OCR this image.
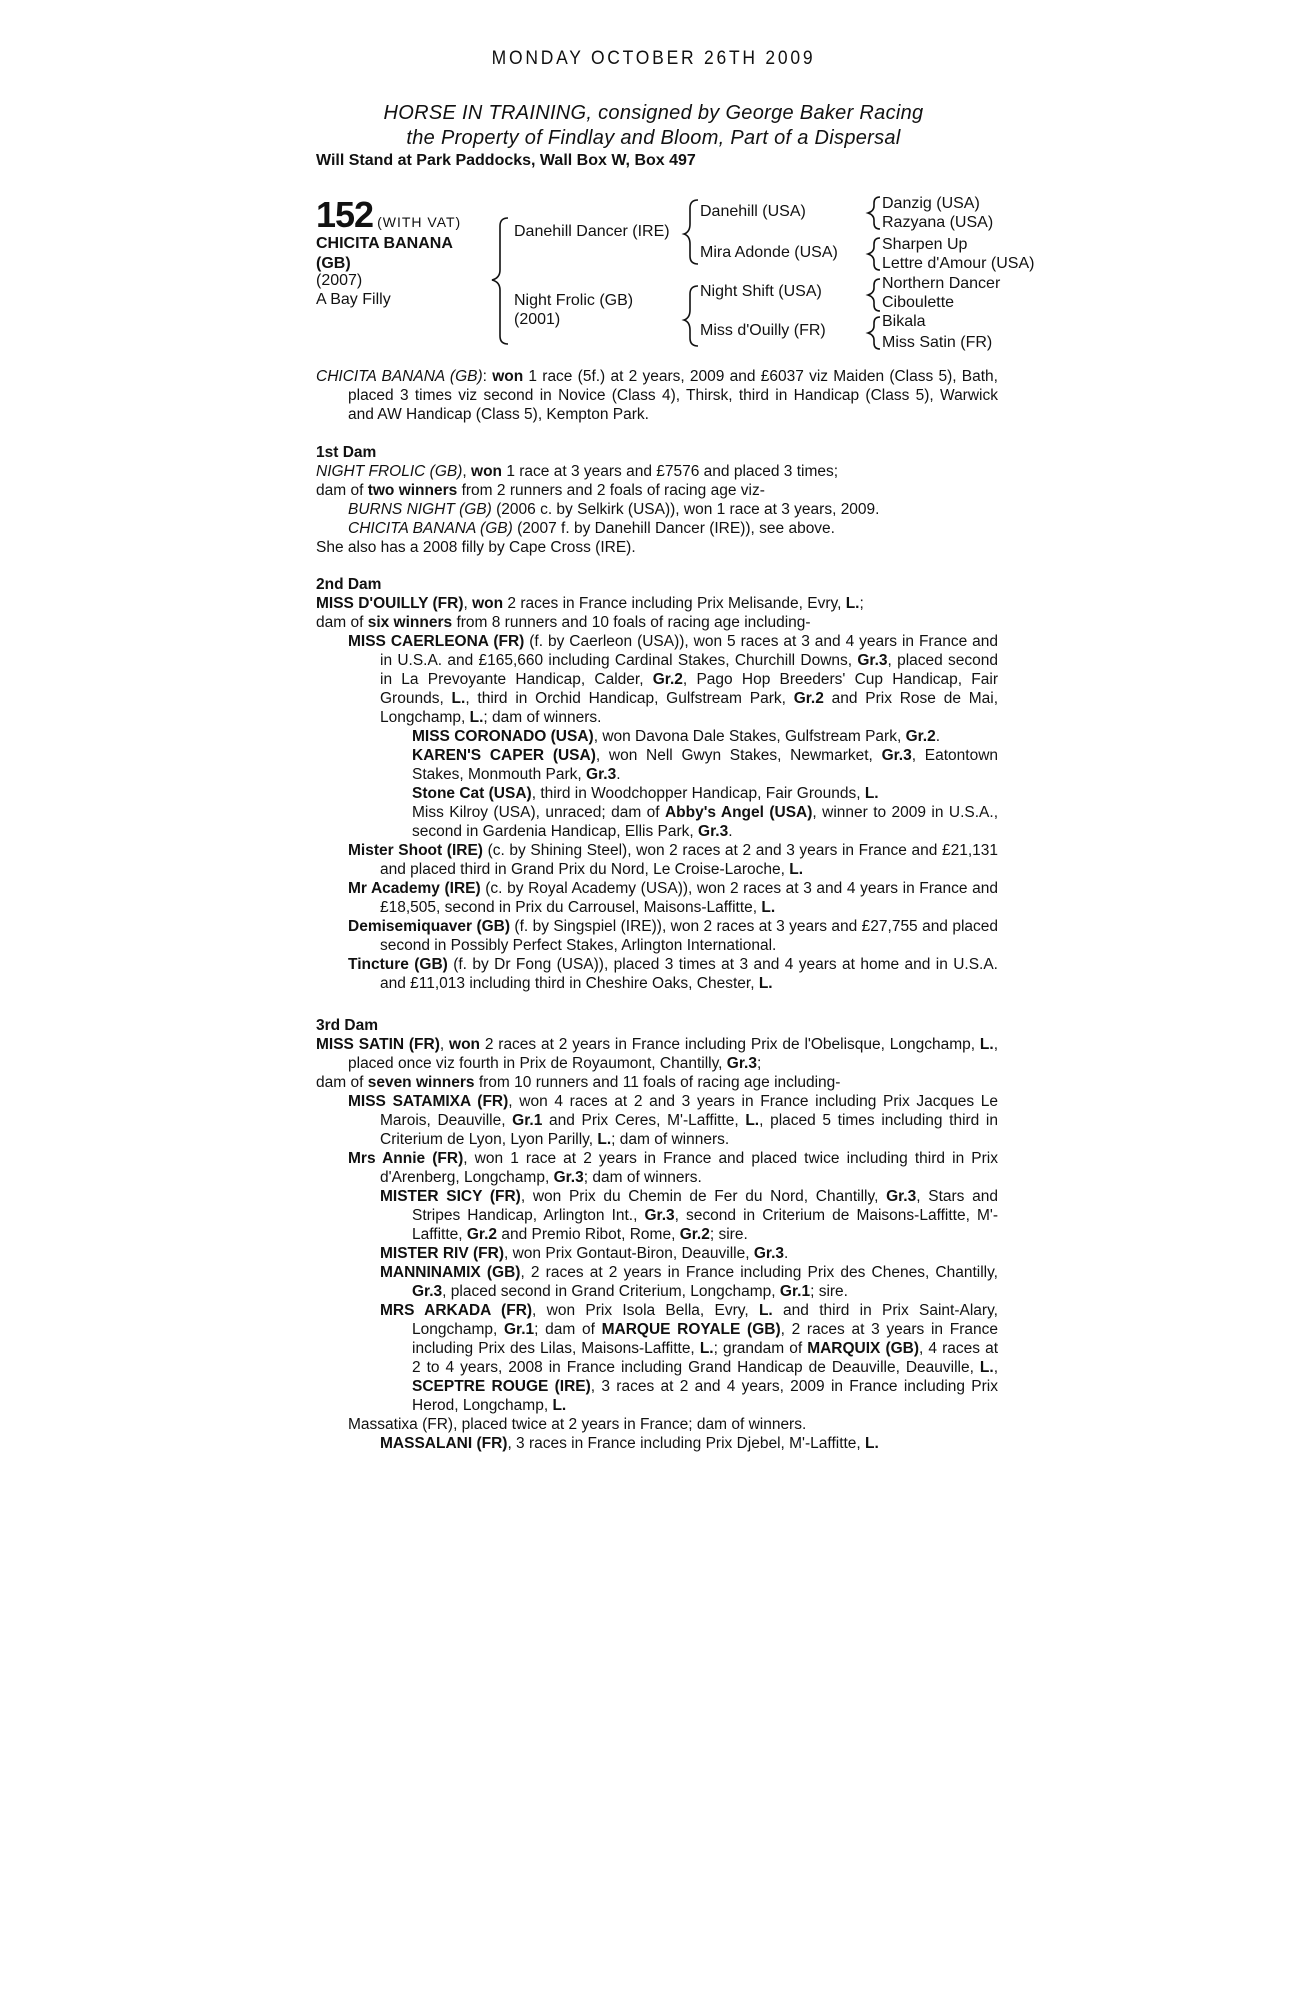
MONDAY OCTOBER 26TH 2009
HORSE IN TRAINING, consigned by George Baker Racing
the Property of Findlay and Bloom, Part of a Dispersal
Will Stand at Park Paddocks, Wall Box W, Box 497
152 (WITH VAT)
CHICITA BANANA
(GB)
(2007)
A Bay Filly
Danehill Dancer (IRE)
Night Frolic (GB)
(2001)
Danehill (USA)
Mira Adonde (USA)
Night Shift (USA)
Miss d'Ouilly (FR)
Danzig (USA)
Razyana (USA)
Sharpen Up
Lettre d'Amour (USA)
Northern Dancer
Ciboulette
Bikala
Miss Satin (FR)

CHICITA BANANA (GB): won 1 race (5f.) at 2 years, 2009 and £6037 viz Maiden (Class 5), Bath, placed 3 times viz second in Novice (Class 4), Thirsk, third in Handicap (Class 5), Warwick and AW Handicap (Class 5), Kempton Park.

1st Dam

NIGHT FROLIC (GB), won 1 race at 3 years and £7576 and placed 3 times;

dam of two winners from 2 runners and 2 foals of racing age viz-

BURNS NIGHT (GB) (2006 c. by Selkirk (USA)), won 1 race at 3 years, 2009.

CHICITA BANANA (GB) (2007 f. by Danehill Dancer (IRE)), see above.

She also has a 2008 filly by Cape Cross (IRE).

2nd Dam

MISS D'OUILLY (FR), won 2 races in France including Prix Melisande, Evry, L.;

dam of six winners from 8 runners and 10 foals of racing age including-

MISS CAERLEONA (FR) (f. by Caerleon (USA)), won 5 races at 3 and 4 years in France and in U.S.A. and £165,660 including Cardinal Stakes, Churchill Downs, Gr.3, placed second in La Prevoyante Handicap, Calder, Gr.2, Pago Hop Breeders' Cup Handicap, Fair Grounds, L., third in Orchid Handicap, Gulfstream Park, Gr.2 and Prix Rose de Mai, Longchamp, L.; dam of winners.

MISS CORONADO (USA), won Davona Dale Stakes, Gulfstream Park, Gr.2.

KAREN'S CAPER (USA), won Nell Gwyn Stakes, Newmarket, Gr.3, Eatontown Stakes, Monmouth Park, Gr.3.

Stone Cat (USA), third in Woodchopper Handicap, Fair Grounds, L.

Miss Kilroy (USA), unraced; dam of Abby's Angel (USA), winner to 2009 in U.S.A., second in Gardenia Handicap, Ellis Park, Gr.3.

Mister Shoot (IRE) (c. by Shining Steel), won 2 races at 2 and 3 years in France and £21,131 and placed third in Grand Prix du Nord, Le Croise-Laroche, L.

Mr Academy (IRE) (c. by Royal Academy (USA)), won 2 races at 3 and 4 years in France and £18,505, second in Prix du Carrousel, Maisons-Laffitte, L.

Demisemiquaver (GB) (f. by Singspiel (IRE)), won 2 races at 3 years and £27,755 and placed second in Possibly Perfect Stakes, Arlington International.

Tincture (GB) (f. by Dr Fong (USA)), placed 3 times at 3 and 4 years at home and in U.S.A. and £11,013 including third in Cheshire Oaks, Chester, L.

3rd Dam

MISS SATIN (FR), won 2 races at 2 years in France including Prix de l'Obelisque, Longchamp, L., placed once viz fourth in Prix de Royaumont, Chantilly, Gr.3;

dam of seven winners from 10 runners and 11 foals of racing age including-

MISS SATAMIXA (FR), won 4 races at 2 and 3 years in France including Prix Jacques Le Marois, Deauville, Gr.1 and Prix Ceres, M'-Laffitte, L., placed 5 times including third in Criterium de Lyon, Lyon Parilly, L.; dam of winners.

Mrs Annie (FR), won 1 race at 2 years in France and placed twice including third in Prix d'Arenberg, Longchamp, Gr.3; dam of winners.

MISTER SICY (FR), won Prix du Chemin de Fer du Nord, Chantilly, Gr.3, Stars and Stripes Handicap, Arlington Int., Gr.3, second in Criterium de Maisons-Laffitte, M'-Laffitte, Gr.2 and Premio Ribot, Rome, Gr.2; sire.

MISTER RIV (FR), won Prix Gontaut-Biron, Deauville, Gr.3.

MANNINAMIX (GB), 2 races at 2 years in France including Prix des Chenes, Chantilly, Gr.3, placed second in Grand Criterium, Longchamp, Gr.1; sire.

MRS ARKADA (FR), won Prix Isola Bella, Evry, L. and third in Prix Saint-Alary, Longchamp, Gr.1; dam of MARQUE ROYALE (GB), 2 races at 3 years in France including Prix des Lilas, Maisons-Laffitte, L.; grandam of MARQUIX (GB), 4 races at 2 to 4 years, 2008 in France including Grand Handicap de Deauville, Deauville, L., SCEPTRE ROUGE (IRE), 3 races at 2 and 4 years, 2009 in France including Prix Herod, Longchamp, L.

Massatixa (FR), placed twice at 2 years in France; dam of winners.

MASSALANI (FR), 3 races in France including Prix Djebel, M'-Laffitte, L.
